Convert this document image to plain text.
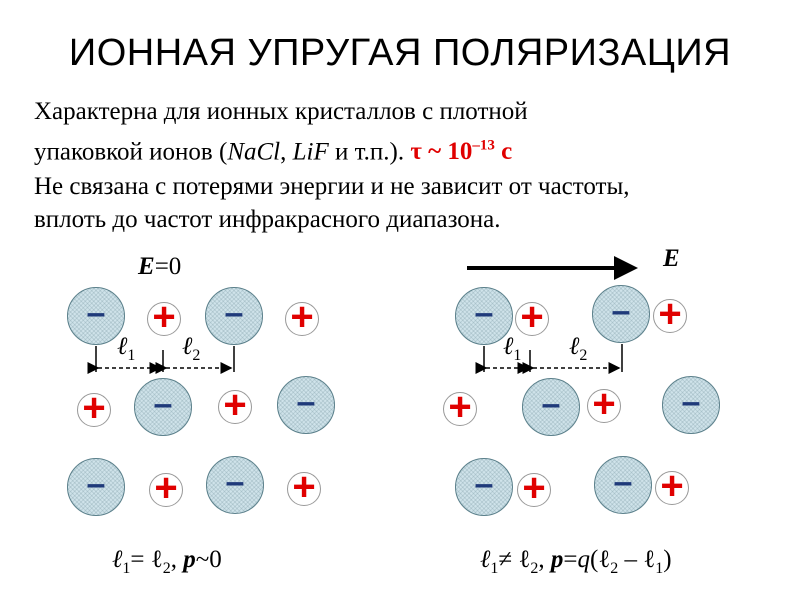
ИОННАЯ УПРУГАЯ ПОЛЯРИЗАЦИЯ
Характерна для ионных кристаллов с плотной
упаковкой ионов (NaCl, LiF и т.п.). τ ~ $10^{-13}$ с
Не связана с потерями энергии и не зависит от частоты,
вплоть до частот инфракрасного диапазона.
E=0
– + – +
+ – + –
– + – +
ℓ$_1$ ℓ$_2$
ℓ$_1$= ℓ$_2$, p~0
E
– + – +
+ – + –
– + – +
ℓ$_1$ ℓ$_2$
ℓ$_1$≠ ℓ$_2$, p=q(ℓ$_2$ – ℓ$_1$)
